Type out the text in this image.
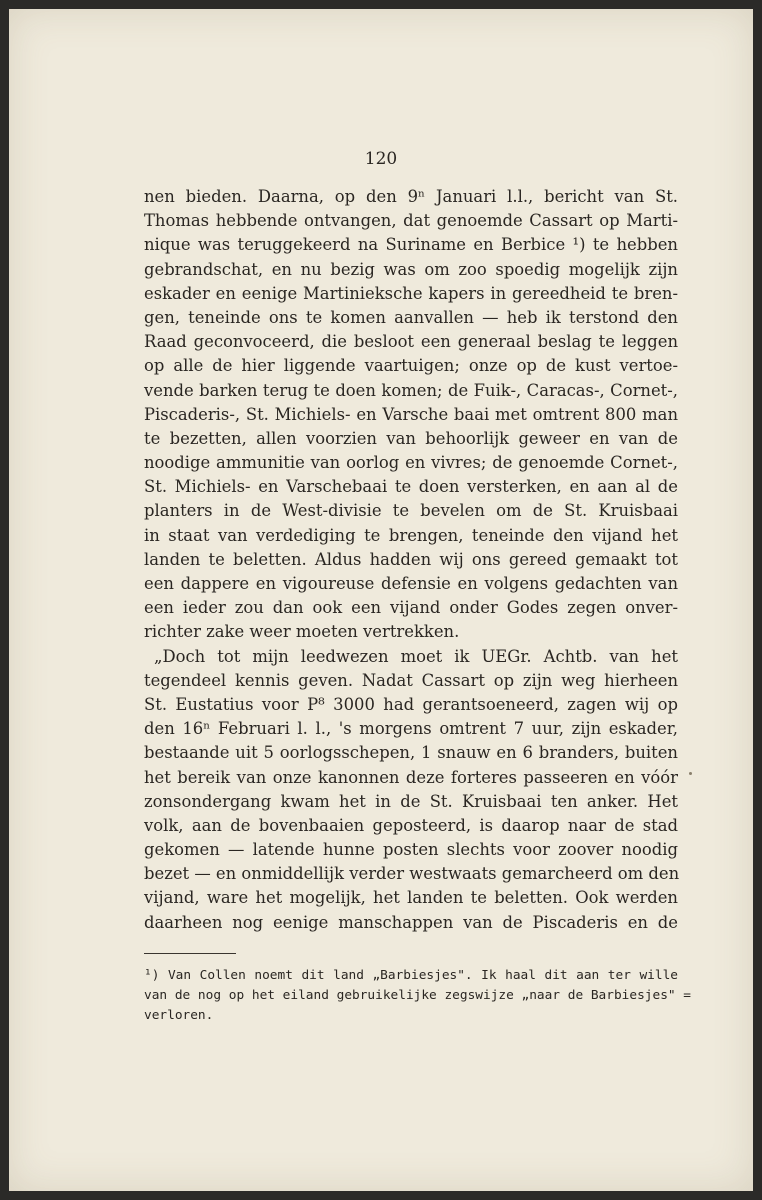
120
nen bieden. Daarna, op den 9ⁿ Januari l.l., bericht van St.
Thomas hebbende ontvangen, dat genoemde Cassart op Marti-
nique was teruggekeerd na Suriname en Berbice ¹) te hebben
gebrandschat, en nu bezig was om zoo spoedig mogelijk zijn
eskader en eenige Martinieksche kapers in gereedheid te bren-
gen, teneinde ons te komen aanvallen — heb ik terstond den
Raad geconvoceerd, die besloot een generaal beslag te leggen
op alle de hier liggende vaartuigen; onze op de kust vertoe-
vende barken terug te doen komen; de Fuik-, Caracas-, Cornet-,
Piscaderis-, St. Michiels- en Varsche baai met omtrent 800 man
te bezetten, allen voorzien van behoorlijk geweer en van de
noodige ammunitie van oorlog en vivres; de genoemde Cornet-,
St. Michiels- en Varschebaai te doen versterken, en aan al de
planters in de West-divisie te bevelen om de St. Kruisbaai
in staat van verdediging te brengen, teneinde den vijand het
landen te beletten. Aldus hadden wij ons gereed gemaakt tot
een dappere en vigoureuse defensie en volgens gedachten van
een ieder zou dan ook een vijand onder Godes zegen onver-
richter zake weer moeten vertrekken.
„Doch tot mijn leedwezen moet ik UEGr. Achtb. van het
tegendeel kennis geven. Nadat Cassart op zijn weg hierheen
St. Eustatius voor P⁸ 3000 had gerantsoeneerd, zagen wij op
den 16ⁿ Februari l. l., 's morgens omtrent 7 uur, zijn eskader,
bestaande uit 5 oorlogsschepen, 1 snauw en 6 branders, buiten
het bereik van onze kanonnen deze forteres passeeren en vóór
zonsondergang kwam het in de St. Kruisbaai ten anker. Het
volk, aan de bovenbaaien geposteerd, is daarop naar de stad
gekomen — latende hunne posten slechts voor zoover noodig
bezet — en onmiddellijk verder westwaats gemarcheerd om den
vijand, ware het mogelijk, het landen te beletten. Ook werden
daarheen nog eenige manschappen van de Piscaderis en de
¹) Van Collen noemt dit land „Barbiesjes". Ik haal dit aan ter wille
van de nog op het eiland gebruikelijke zegswijze „naar de Barbiesjes" =
verloren.
